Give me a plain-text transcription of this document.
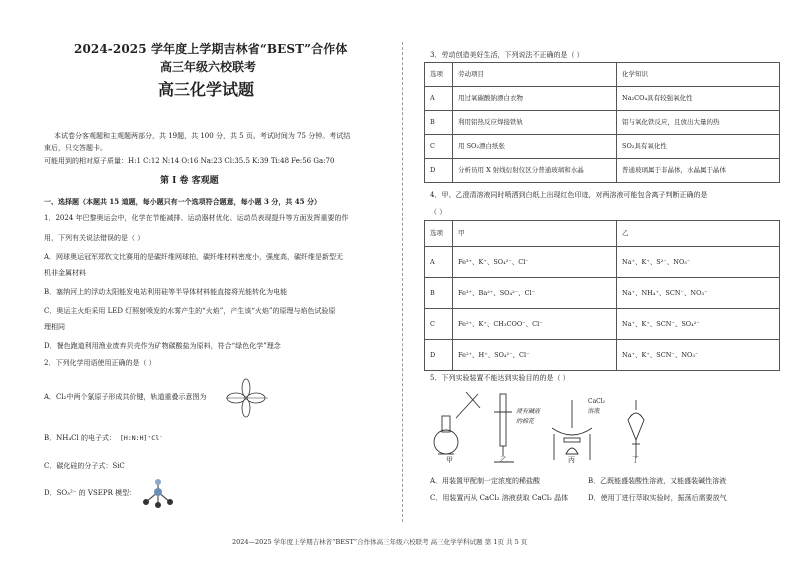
2024-2025 学年度上学期吉林省“BEST”合作体
高三年级六校联考
高三化学试题
本试卷分客观题和主观题两部分，共 19题，共 100 分，共 5 页。考试时间为 75 分钟。考试结
束后，只交答题卡。
可能用到的相对原子质量：H:1 C:12 N:14 O:16 Na:23 Cl:35.5 K:39 Ti:48 Fe:56 Ga:70
第 I 卷 客观题
一、选择题（本题共 15 道题，每小题只有一个选项符合题意，每小题 3 分，共 45 分）
1．2024 年巴黎奥运会中，化学在节能减排、运动器材优化、运动员表现提升等方面发挥重要的作
用，下列有关说法错误的是（ ）
A．网球奥运冠军郑钦文比赛用的是碳纤维网球拍，碳纤维材料密度小，强度高，碳纤维是新型无
机非金属材料
B．塞纳河上的浮动太阳能发电站利用硅等半导体材料能直接将光能转化为电能
C．奥运主火炬采用 LED 灯照射喷发的水雾产生的“火焰”，产生该“火焰”的原理与焰色试验原
理相同
D．餐色跑道利用渔业废弃贝壳作为矿物碳酸盐为原料，符合“绿色化学”理念
2．下列化学用语使用正确的是（ ）
A．Cl₂中两个氯原子形成共价键，轨道重叠示意图为
B．NH₄Cl 的电子式： [H:N:H]⁺Cl⁻
C．碳化硅的分子式：SiC
D．SO₃²⁻ 的 VSEPR 模型：
3．劳动创造美好生活，下列说法不正确的是（ ）
选项	劳动项目	化学知识
A	用过氧碳酸钠漂白衣物	Na₂CO₄具有较强氧化性
B	利用铝热反应焊接铁轨	铝与氧化铁反应，且放出大量的热
C	用 SO₂漂白纸张	SO₂具有氧化性
D	分析员用 X 射线衍射仪区分普通玻璃和水晶	普通玻璃属于非晶体，水晶属于晶体
4．甲、乙澄清溶液同时喷洒到白纸上出现红色印迹，对两溶液可能包含离子判断正确的是
（ ）
选项	甲	乙
A	Fe³⁺、K⁺、SO₄²⁻、Cl⁻	Na⁺、K⁺、S²⁻、NO₃⁻
B	Fe³⁺、Ba²⁺、SO₄²⁻、Cl⁻	Na⁺、NH₄⁺、SCN⁻、NO₃⁻
C	Fe²⁺、K⁺、CH₃COO⁻、Cl⁻	Na⁺、K⁺、SCN⁻、SO₄²⁻
D	Fe²⁺、H⁺、SO₄²⁻、Cl⁻	Na⁺、K⁺、SCN⁻、NO₃⁻
5．下列实验装置不能达到实验目的的是（ ）
甲	乙
浸有碱液
的棉花
CaCl₂
溶液
丙	丁
A．用装置甲配制一定浓度的稀盐酸	B．乙既能盛装酸性溶液，又能盛装碱性溶液
C．用装置丙从 CaCl₂ 溶液获取 CaCl₂ 晶体	D．使用丁进行萃取实验时，振荡后需要放气
2024—2025 学年度上学期吉林省“BEST”合作体高三年级六校联考 高三化学学科试题 第 1页 共 5 页
